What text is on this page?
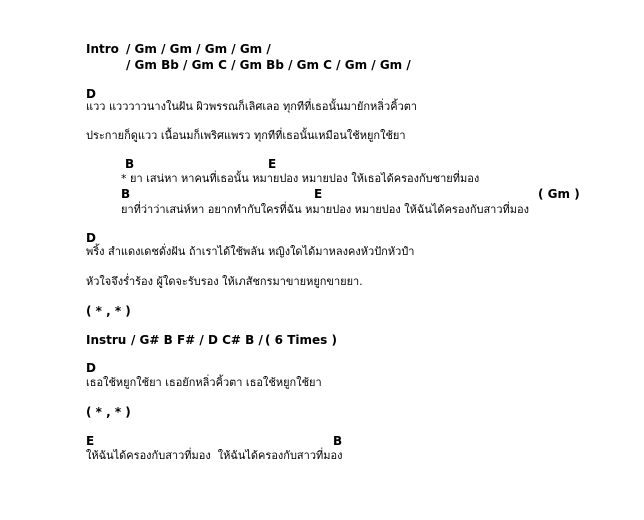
Intro / Gm / Gm / Gm / Gm /
/ Gm Bb / Gm C / Gm Bb / Gm C / Gm / Gm /
D
แวว แวววาวนางในฝัน ผิวพรรณก็เลิศเลอ ทุกทีที่เธอนั้นมายักหลิ่วคิ้วตา
ประกายก็ดูแวว เนื้อนมก็เพริศแพรว ทุกทีที่เธอนั้นเหมือนใช้หยูกใช้ยา
B	E
* ยา เสน่หา หาคนที่เธอนั้น หมายปอง หมายปอง ให้เธอได้ครองกับชายที่มอง
B	E	( Gm )
ยาที่ว่าว่าเสน่ห์หา อยากทำกับใครที่ฉัน หมายปอง หมายปอง ให้ฉันได้ครองกับสาวที่มอง
D
พริ้ง สำแดงเดชดั่งฝัน ถ้าเราได้ใช้พลัน หญิงใดได้มาหลงคงหัวปักหัวปำ
หัวใจจึงร่ำร้อง ผู้ใดจะรับรอง ให้เภสัชกรมาขายหยูกขายยา.
( * , * )
Instru / G# B F# / D C# B / ( 6 Times )
D
เธอใช้หยูกใช้ยา เธอยักหลิ่วคิ้วตา เธอใช้หยูกใช้ยา
( * , * )
E	B
ให้ฉันได้ครองกับสาวที่มอง  ให้ฉันได้ครองกับสาวที่มอง
